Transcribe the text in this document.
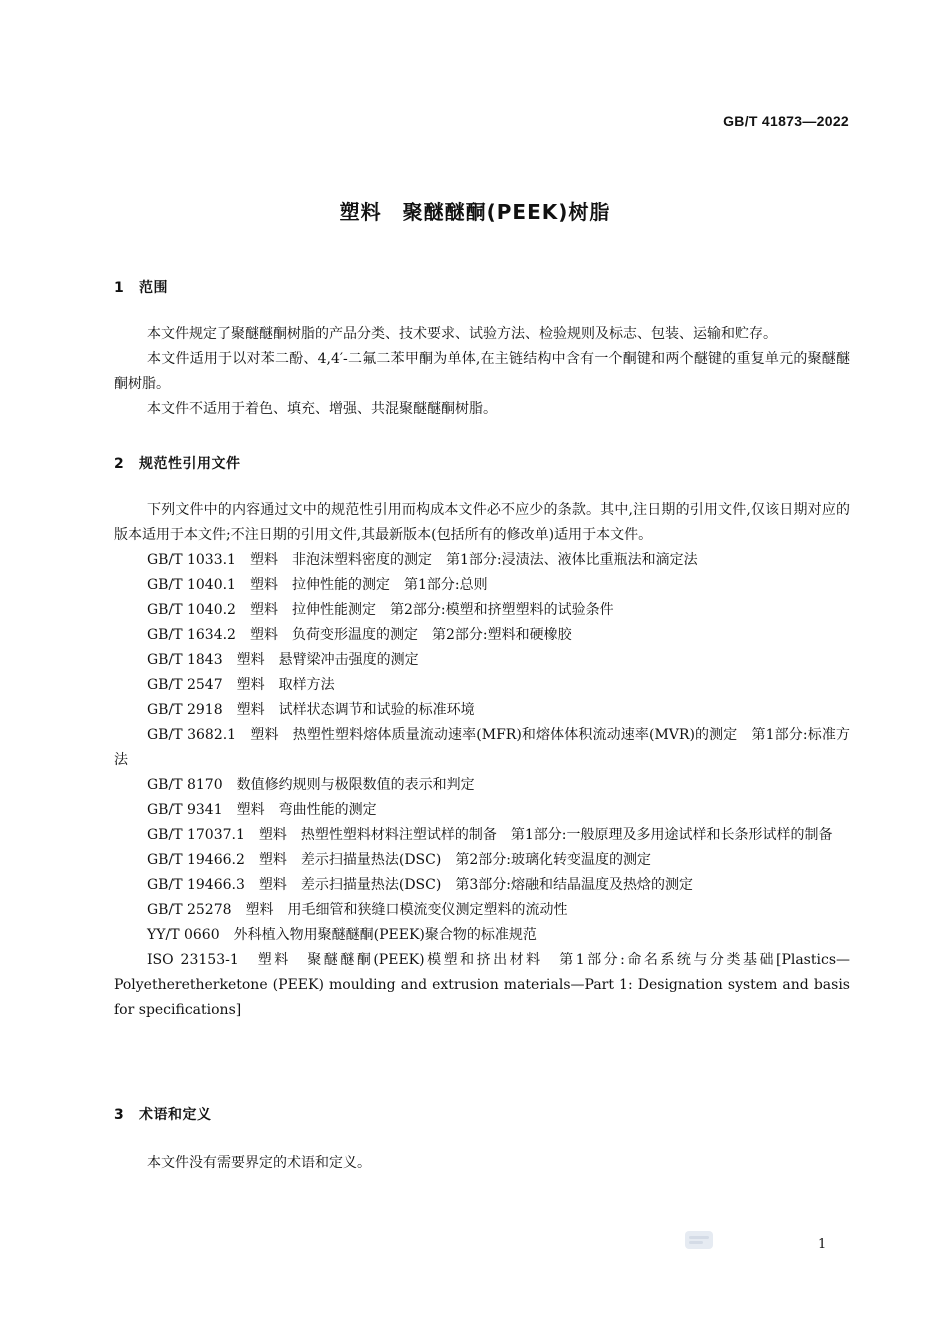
GB/T 41873—2022
塑料　聚醚醚酮(PEEK)树脂
1 范围

本文件规定了聚醚醚酮树脂的产品分类、技术要求、试验方法、检验规则及标志、包装、运输和贮存。

本文件适用于以对苯二酚、4,4′-二氟二苯甲酮为单体,在主链结构中含有一个酮键和两个醚键的重复单元的聚醚醚酮树脂。

本文件不适用于着色、填充、增强、共混聚醚醚酮树脂。

2 规范性引用文件

下列文件中的内容通过文中的规范性引用而构成本文件必不应少的条款。其中,注日期的引用文件,仅该日期对应的版本适用于本文件;不注日期的引用文件,其最新版本(包括所有的修改单)适用于本文件。

GB/T 1033.1　塑料　非泡沫塑料密度的测定　第1部分:浸渍法、液体比重瓶法和滴定法

GB/T 1040.1　塑料　拉伸性能的测定　第1部分:总则

GB/T 1040.2　塑料　拉伸性能测定　第2部分:模塑和挤塑塑料的试验条件

GB/T 1634.2　塑料　负荷变形温度的测定　第2部分:塑料和硬橡胶

GB/T 1843　塑料　悬臂梁冲击强度的测定

GB/T 2547　塑料　取样方法

GB/T 2918　塑料　试样状态调节和试验的标准环境

GB/T 3682.1　塑料　热塑性塑料熔体质量流动速率(MFR)和熔体体积流动速率(MVR)的测定　第1部分:标准方法

GB/T 8170　数值修约规则与极限数值的表示和判定

GB/T 9341　塑料　弯曲性能的测定

GB/T 17037.1　塑料　热塑性塑料材料注塑试样的制备　第1部分:一般原理及多用途试样和长条形试样的制备

GB/T 19466.2　塑料　差示扫描量热法(DSC)　第2部分:玻璃化转变温度的测定

GB/T 19466.3　塑料　差示扫描量热法(DSC)　第3部分:熔融和结晶温度及热焓的测定

GB/T 25278　塑料　用毛细管和狭缝口模流变仪测定塑料的流动性

YY/T 0660　外科植入物用聚醚醚酮(PEEK)聚合物的标准规范

ISO 23153-1　塑料　聚醚醚酮(PEEK)模塑和挤出材料　第1部分:命名系统与分类基础[Plastics—Polyetheretherketone (PEEK) moulding and extrusion materials—Part 1: Designation system and basis for specifications]

3 术语和定义

本文件没有需要界定的术语和定义。

1
